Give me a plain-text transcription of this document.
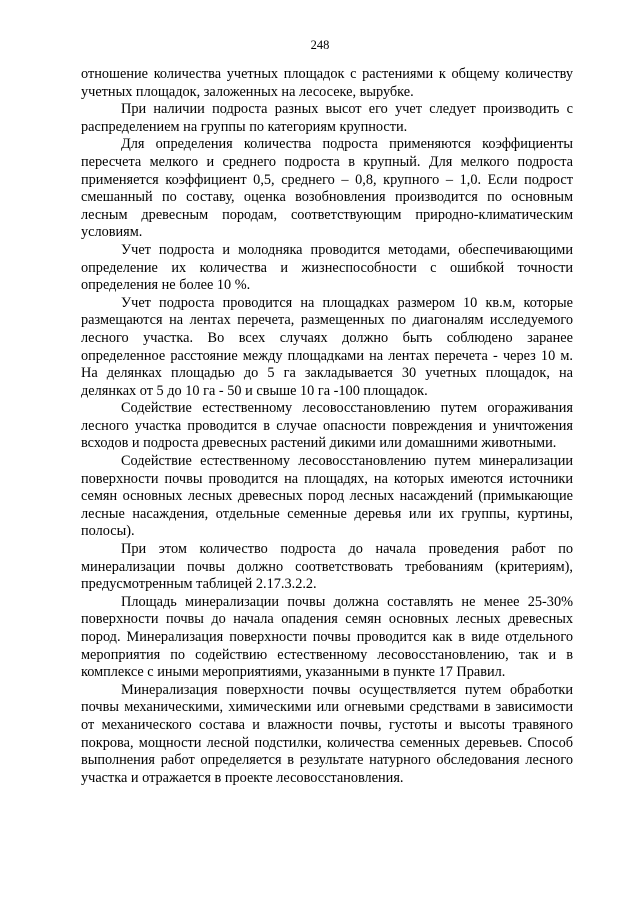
248

отношение количества учетных площадок с растениями к общему количеству учетных площадок, заложенных на лесосеке, вырубке.

При наличии подроста разных высот его учет следует производить с распределением на группы по категориям крупности.

Для определения количества подроста применяются коэффициенты пересчета мелкого и среднего подроста в крупный. Для мелкого подроста применяется коэффициент 0,5, среднего – 0,8, крупного – 1,0. Если подрост смешанный по составу, оценка возобновления производится по основным лесным древесным породам, соответствующим природно-климатическим условиям.

Учет подроста и молодняка проводится методами, обеспечивающими определение их количества и жизнеспособности с ошибкой точности определения не более 10 %.

Учет подроста проводится на площадках размером 10 кв.м, которые размещаются на лентах перечета, размещенных по диагоналям исследуемого лесного участка. Во всех случаях должно быть соблюдено заранее определенное расстояние между площадками на лентах перечета - через 10 м. На делянках площадью до 5 га закладывается 30 учетных площадок, на делянках от 5 до 10 га - 50 и свыше 10 га -100 площадок.

Содействие естественному лесовосстановлению путем огораживания лесного участка проводится в случае опасности повреждения и уничтожения всходов и подроста древесных растений дикими или домашними животными.

Содействие естественному лесовосстановлению путем минерализации поверхности почвы проводится на площадях, на которых имеются источники семян основных лесных древесных пород лесных насаждений (примыкающие лесные насаждения, отдельные семенные деревья или их группы, куртины, полосы).

При этом количество подроста до начала проведения работ по минерализации почвы должно соответствовать требованиям (критериям), предусмотренным таблицей 2.17.3.2.2.

Площадь минерализации почвы должна составлять не менее 25-30% поверхности почвы до начала опадения семян основных лесных древесных пород. Минерализация поверхности почвы проводится как в виде отдельного мероприятия по содействию естественному лесовосстановлению, так и в комплексе с иными мероприятиями, указанными в пункте 17 Правил.

Минерализация поверхности почвы осуществляется путем обработки почвы механическими, химическими или огневыми средствами в зависимости от механического состава и влажности почвы, густоты и высоты травяного покрова, мощности лесной подстилки, количества семенных деревьев. Способ выполнения работ определяется в результате натурного обследования лесного участка и отражается в проекте лесовосстановления.
